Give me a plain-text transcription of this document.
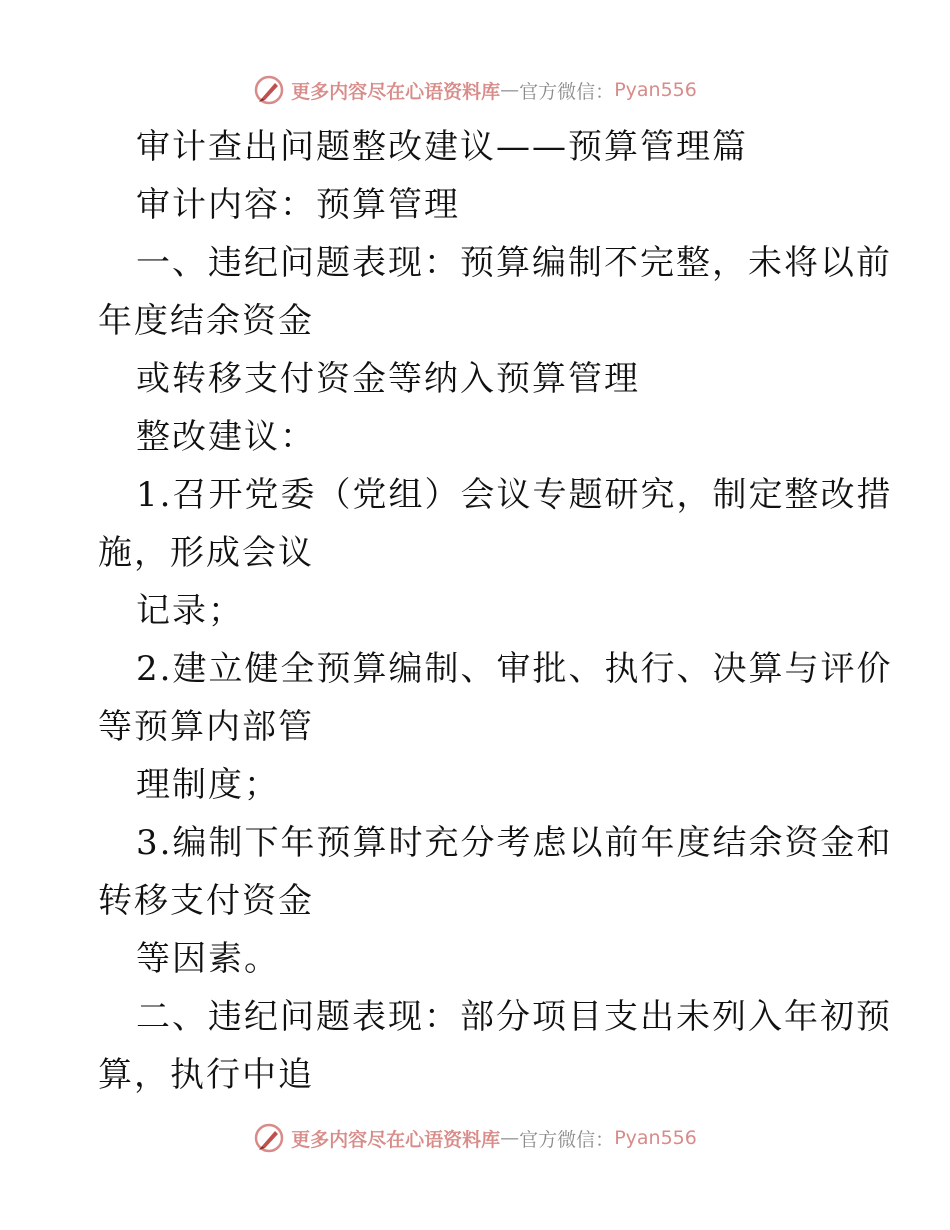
更多内容尽在心语资料库 — 官方微信： Pyan556
审计查出问题整改建议——预算管理篇
审计内容：预算管理
一、违纪问题表现：预算编制不完整，未将以前
年度结余资金
或转移支付资金等纳入预算管理
整改建议：
1.召开党委（党组）会议专题研究，制定整改措
施，形成会议
记录；
2.建立健全预算编制、审批、执行、决算与评价
等预算内部管
理制度；
3.编制下年预算时充分考虑以前年度结余资金和
转移支付资金
等因素。
二、违纪问题表现：部分项目支出未列入年初预
算，执行中追
更多内容尽在心语资料库 — 官方微信： Pyan556
